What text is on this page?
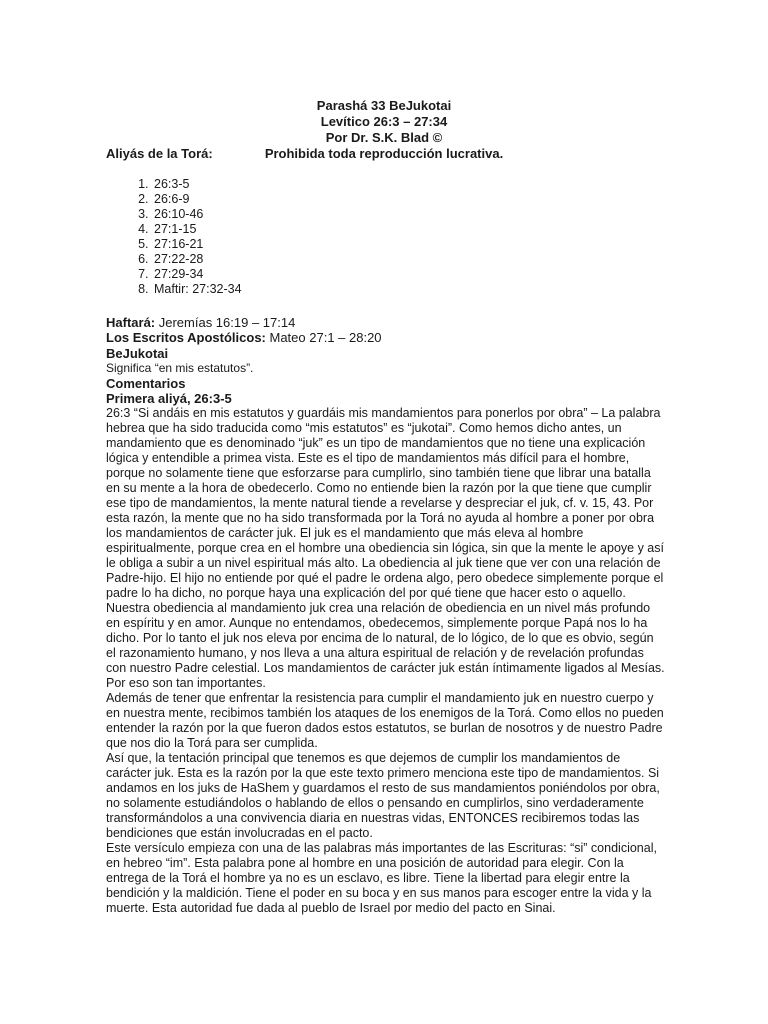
Parashá 33 BeJukotai
Levítico 26:3 – 27:34
Por Dr. S.K. Blad ©
Prohibida toda reproducción lucrativa.

Aliyás de la Torá:

1. 26:3-5
2. 26:6-9
3. 26:10-46
4. 27:1-15
5. 27:16-21
6. 27:22-28
7. 27:29-34
8. Maftir: 27:32-34

Haftará: Jeremías 16:19 – 17:14

Los Escritos Apostólicos: Mateo 27:1 – 28:20

BeJukotai

Significa “en mis estatutos”.

Comentarios

Primera aliyá, 26:3-5

26:3 “Si andáis en mis estatutos y guardáis mis mandamientos para ponerlos por obra” – La palabra hebrea que ha sido traducida como “mis estatutos” es “jukotai”. Como hemos dicho antes, un mandamiento que es denominado “juk” es un tipo de mandamientos que no tiene una explicación lógica y entendible a primea vista. Este es el tipo de mandamientos más difícil para el hombre, porque no solamente tiene que esforzarse para cumplirlo, sino también tiene que librar una batalla en su mente a la hora de obedecerlo. Como no entiende bien la razón por la que tiene que cumplir ese tipo de mandamientos, la mente natural tiende a revelarse y despreciar el juk, cf. v. 15, 43. Por esta razón, la mente que no ha sido transformada por la Torá no ayuda al hombre a poner por obra los mandamientos de carácter juk. El juk es el mandamiento que más eleva al hombre espiritualmente, porque crea en el hombre una obediencia sin lógica, sin que la mente le apoye y así le obliga a subir a un nivel espiritual más alto. La obediencia al juk tiene que ver con una relación de Padre-hijo. El hijo no entiende por qué el padre le ordena algo, pero obedece simplemente porque el padre lo ha dicho, no porque haya una explicación del por qué tiene que hacer esto o aquello. Nuestra obediencia al mandamiento juk crea una relación de obediencia en un nivel más profundo en espíritu y en amor. Aunque no entendamos, obedecemos, simplemente porque Papá nos lo ha dicho. Por lo tanto el juk nos eleva por encima de lo natural, de lo lógico, de lo que es obvio, según el razonamiento humano, y nos lleva a una altura espiritual de relación y de revelación profundas con nuestro Padre celestial. Los mandamientos de carácter juk están íntimamente ligados al Mesías. Por eso son tan importantes.

Además de tener que enfrentar la resistencia para cumplir el mandamiento juk en nuestro cuerpo y en nuestra mente, recibimos también los ataques de los enemigos de la Torá. Como ellos no pueden entender la razón por la que fueron dados estos estatutos, se burlan de nosotros y de nuestro Padre que nos dio la Torá para ser cumplida.

Así que, la tentación principal que tenemos es que dejemos de cumplir los mandamientos de carácter juk. Esta es la razón por la que este texto primero menciona este tipo de mandamientos. Si andamos en los juks de HaShem y guardamos el resto de sus mandamientos poniéndolos por obra, no solamente estudiándolos o hablando de ellos o pensando en cumplirlos, sino verdaderamente transformándolos a una convivencia diaria en nuestras vidas, ENTONCES recibiremos todas las bendiciones que están involucradas en el pacto.

Este versículo empieza con una de las palabras más importantes de las Escrituras: “si” condicional, en hebreo “im”. Esta palabra pone al hombre en una posición de autoridad para elegir. Con la entrega de la Torá el hombre ya no es un esclavo, es libre. Tiene la libertad para elegir entre la bendición y la maldición. Tiene el poder en su boca y en sus manos para escoger entre la vida y la muerte. Esta autoridad fue dada al pueblo de Israel por medio del pacto en Sinai.
